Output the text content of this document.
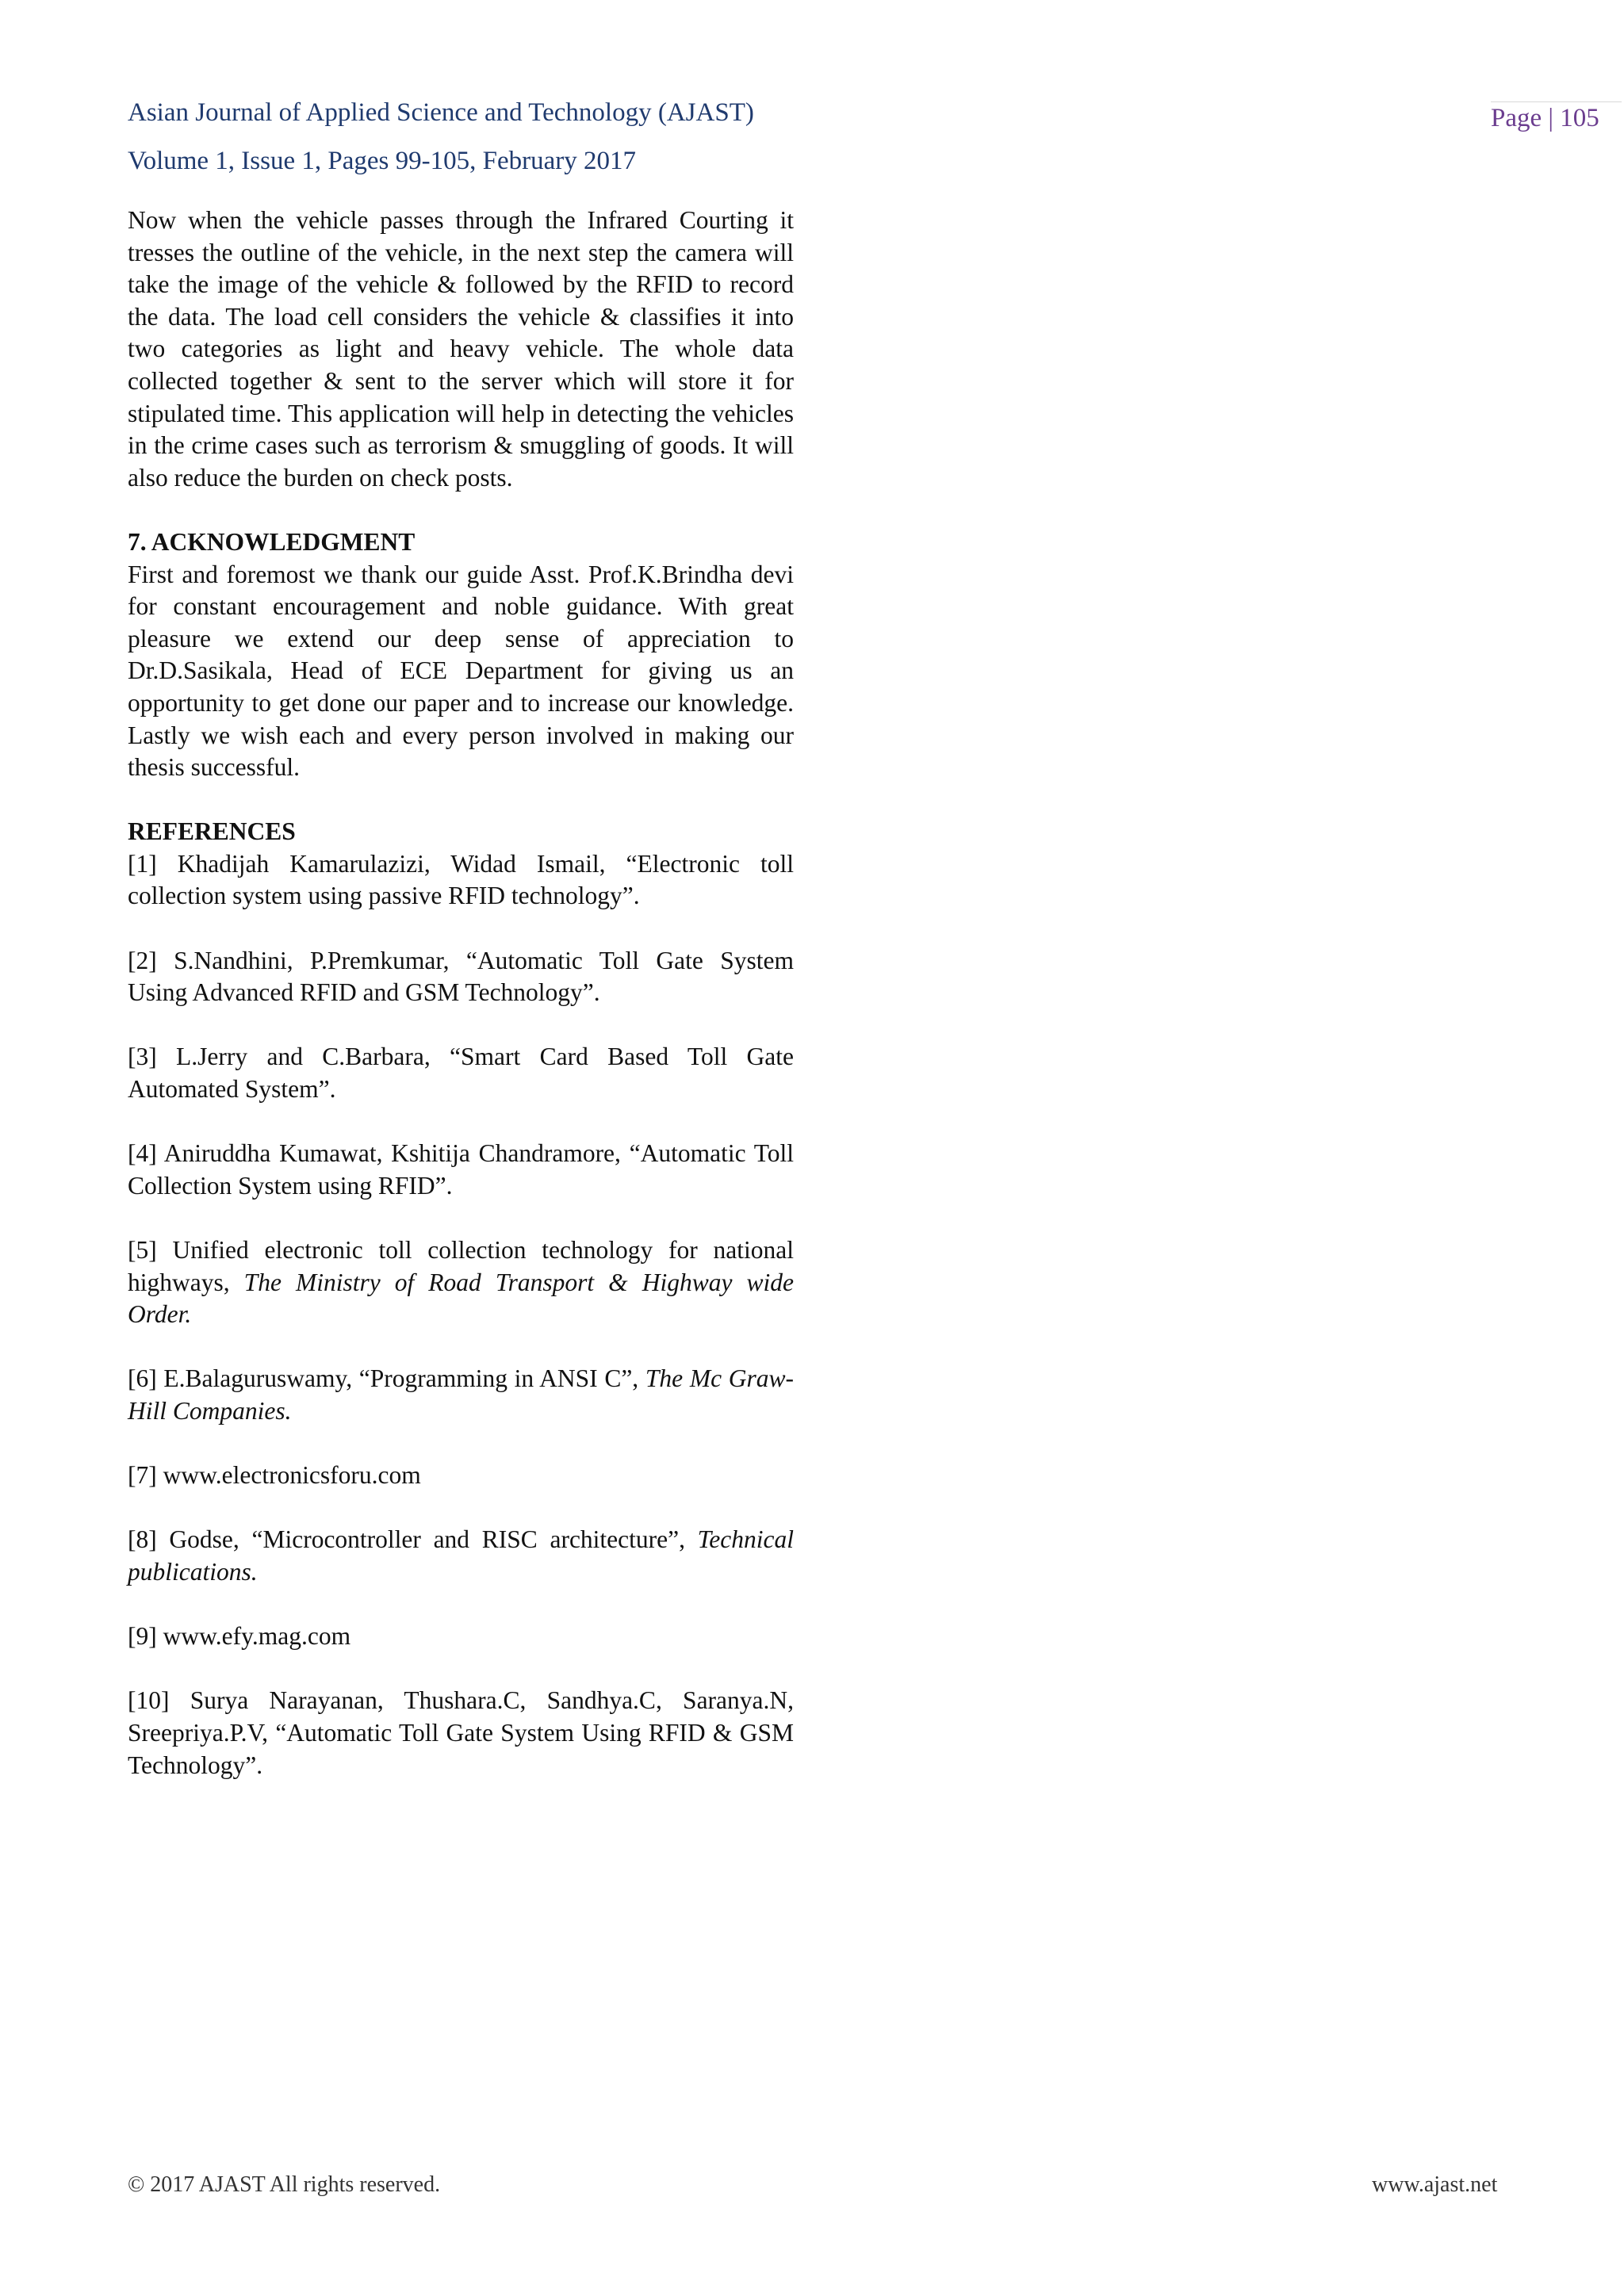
Asian Journal of Applied Science and Technology (AJAST)
Volume 1, Issue 1, Pages 99-105, February 2017
Page | 105

Now when the vehicle passes through the Infrared Courting it tresses the outline of the vehicle, in the next step the camera will take the image of the vehicle & followed by the RFID to record the data. The load cell considers the vehicle & classifies it into two categories as light and heavy vehicle. The whole data collected together & sent to the server which will store it for stipulated time. This application will help in detecting the vehicles in the crime cases such as terrorism & smuggling of goods. It will also reduce the burden on check posts.

7. ACKNOWLEDGMENT

First and foremost we thank our guide Asst. Prof.K.Brindha devi for constant encouragement and noble guidance. With great pleasure we extend our deep sense of appreciation to Dr.D.Sasikala, Head of ECE Department for giving us an opportunity to get done our paper and to increase our knowledge. Lastly we wish each and every person involved in making our thesis successful.

REFERENCES

[1] Khadijah Kamarulazizi, Widad Ismail, “Electronic toll collection system using passive RFID technology”.

[2] S.Nandhini, P.Premkumar, “Automatic Toll Gate System Using Advanced RFID and GSM Technology”.

[3] L.Jerry and C.Barbara, “Smart Card Based Toll Gate Automated System”.

[4] Aniruddha Kumawat, Kshitija Chandramore, “Automatic Toll Collection System using RFID”.

[5] Unified electronic toll collection technology for national highways, The Ministry of Road Transport & Highway wide Order.

[6] E.Balaguruswamy, “Programming in ANSI C”, The Mc Graw-Hill Companies.

[7] www.electronicsforu.com

[8] Godse, “Microcontroller and RISC architecture”, Technical publications.

[9] www.efy.mag.com

[10] Surya Narayanan, Thushara.C, Sandhya.C, Saranya.N, Sreepriya.P.V, “Automatic Toll Gate System Using RFID & GSM Technology”.

© 2017 AJAST All rights reserved.	www.ajast.net
